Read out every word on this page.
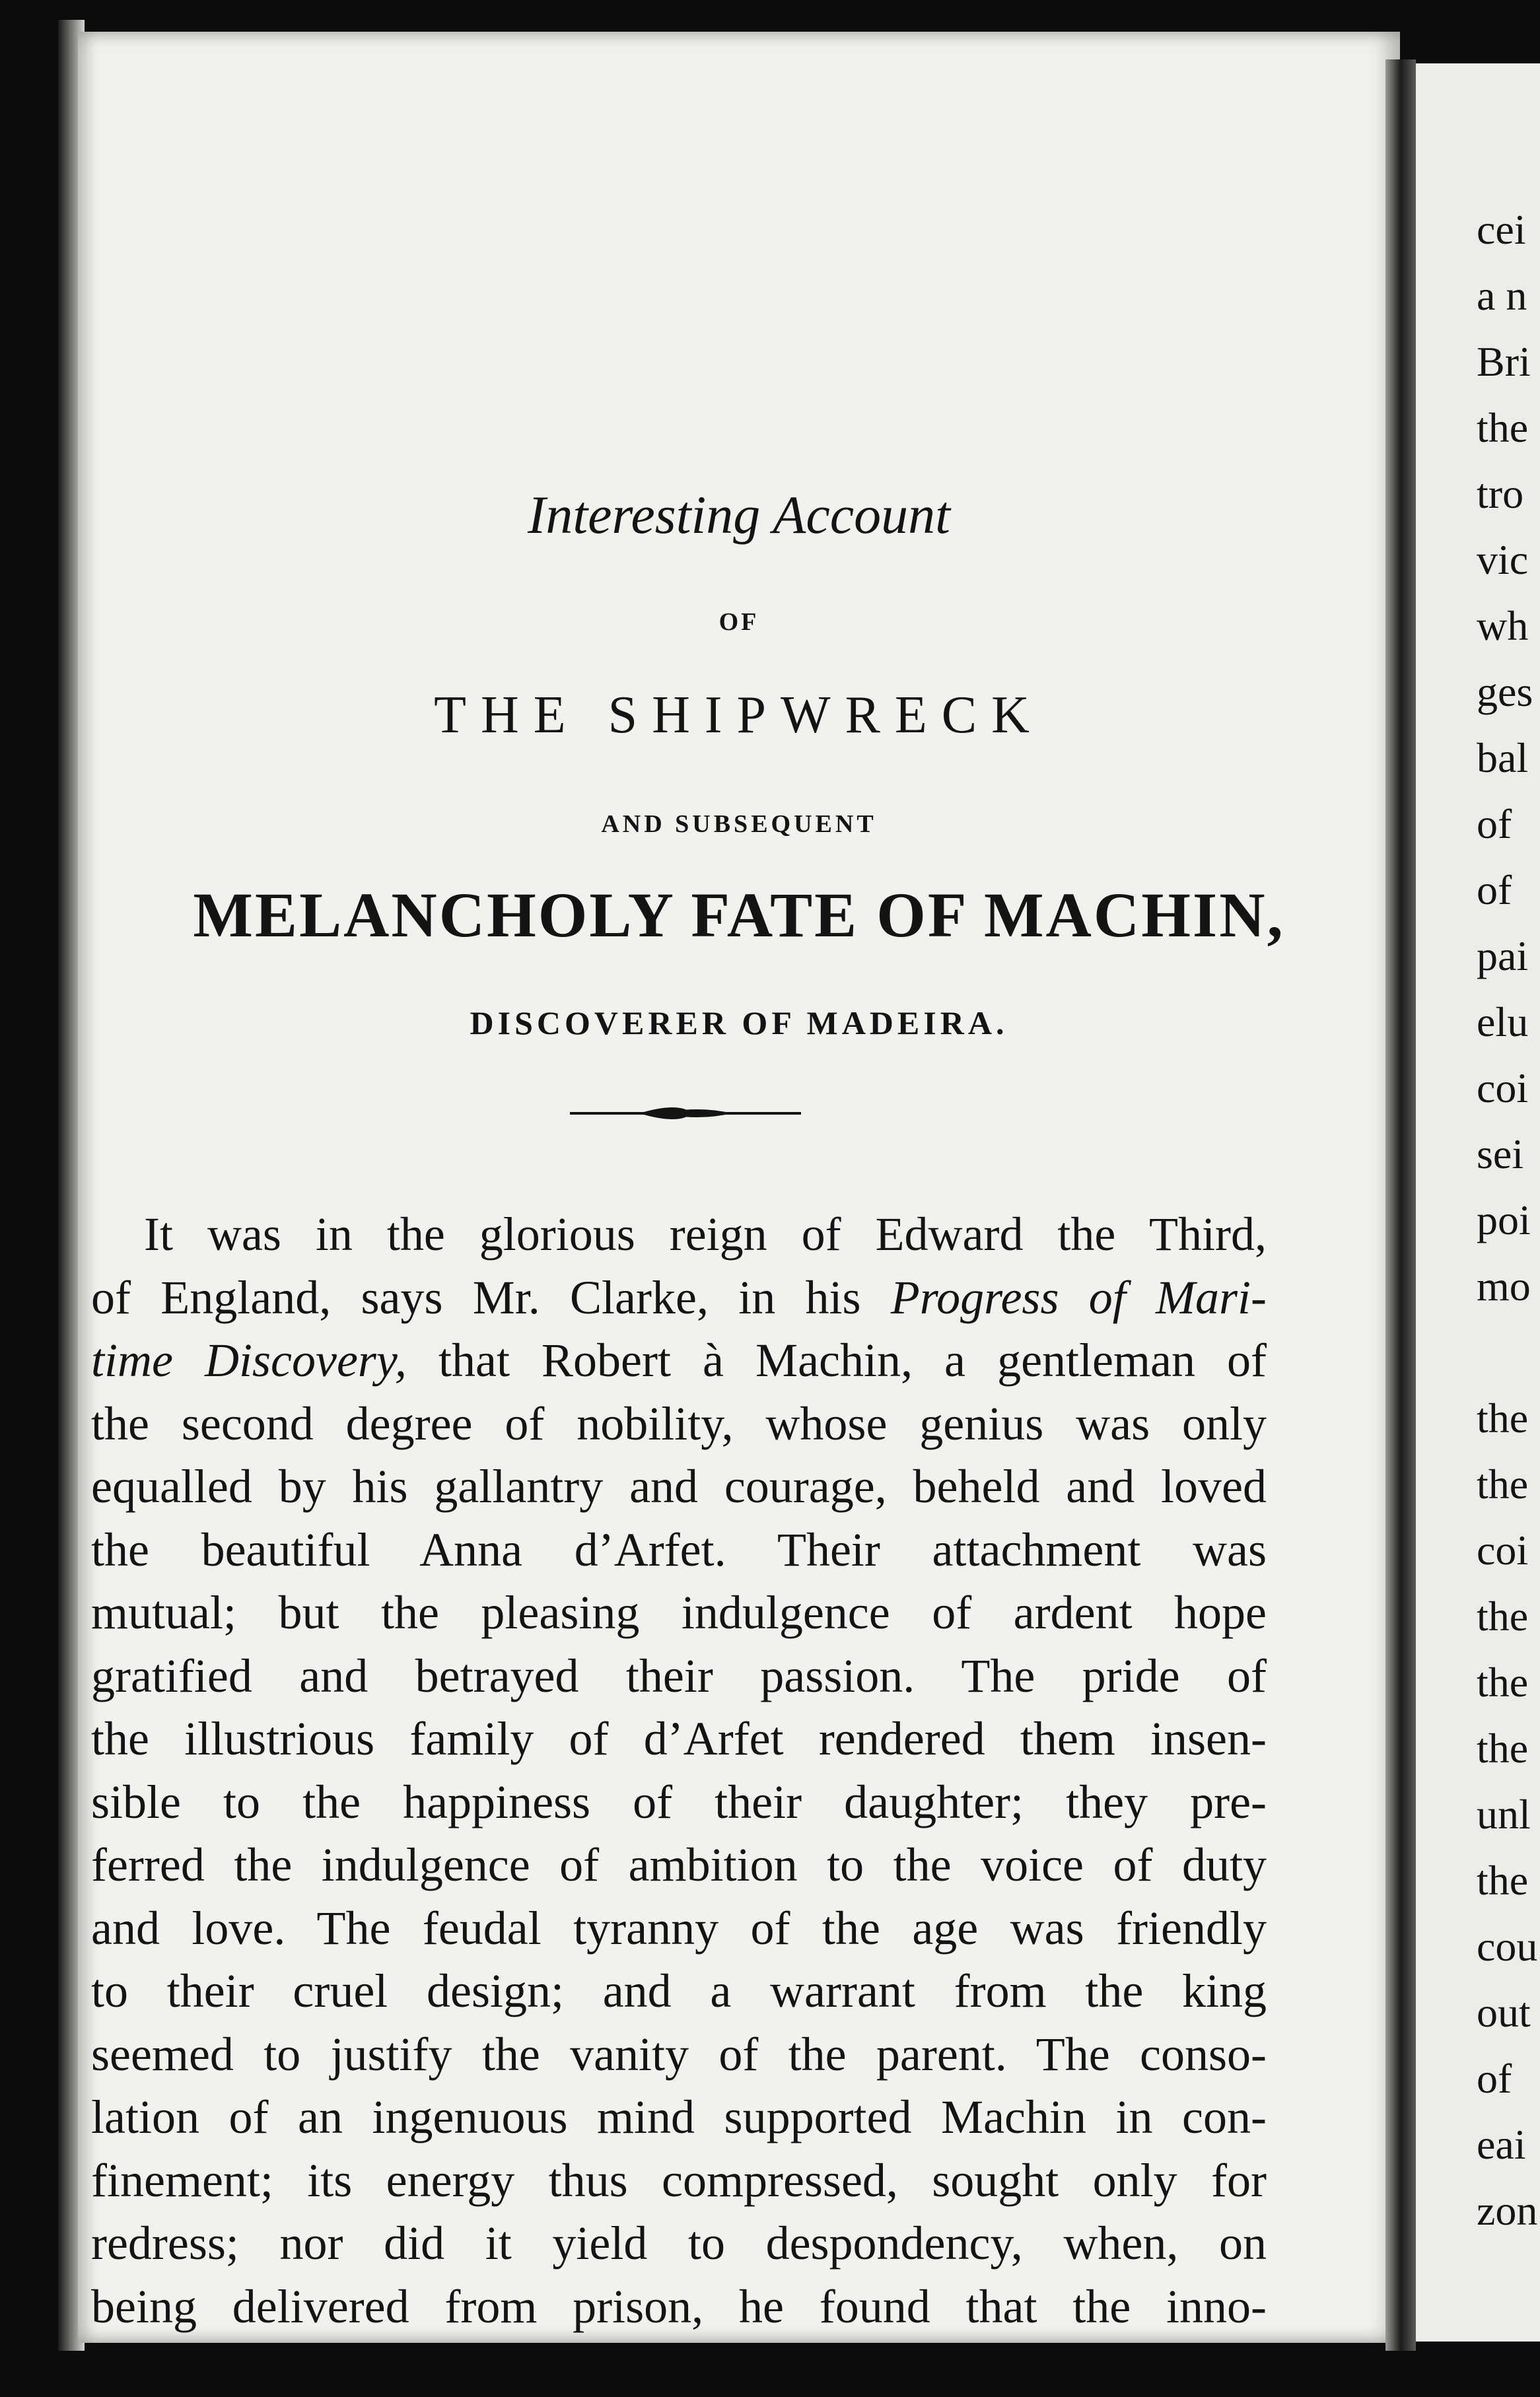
Interesting Account
OF
THE SHIPWRECK
AND SUBSEQUENT
MELANCHOLY FATE OF MACHIN,
DISCOVERER OF MADEIRA.
It was in the glorious reign of Edward the Third,
of England, says Mr. Clarke, in his Progress of Mari-
time Discovery, that Robert à Machin, a gentleman of
the second degree of nobility, whose genius was only
equalled by his gallantry and courage, beheld and loved
the beautiful Anna d’Arfet. Their attachment was
mutual; but the pleasing indulgence of ardent hope
gratified and betrayed their passion. The pride of
the illustrious family of d’Arfet rendered them insen-
sible to the happiness of their daughter; they pre-
ferred the indulgence of ambition to the voice of duty
and love. The feudal tyranny of the age was friendly
to their cruel design; and a warrant from the king
seemed to justify the vanity of the parent. The conso-
lation of an ingenuous mind supported Machin in con-
finement; its energy thus compressed, sought only for
redress; nor did it yield to despondency, when, on
being delivered from prison, he found that the inno-
cei
a n
Bri
the
tro
vic
wh
ges
bal
of
of
pai
elu
coi
sei
poi
mo
the
the
coi
the
the
the
unl
the
cou
out
of
eai
zon
